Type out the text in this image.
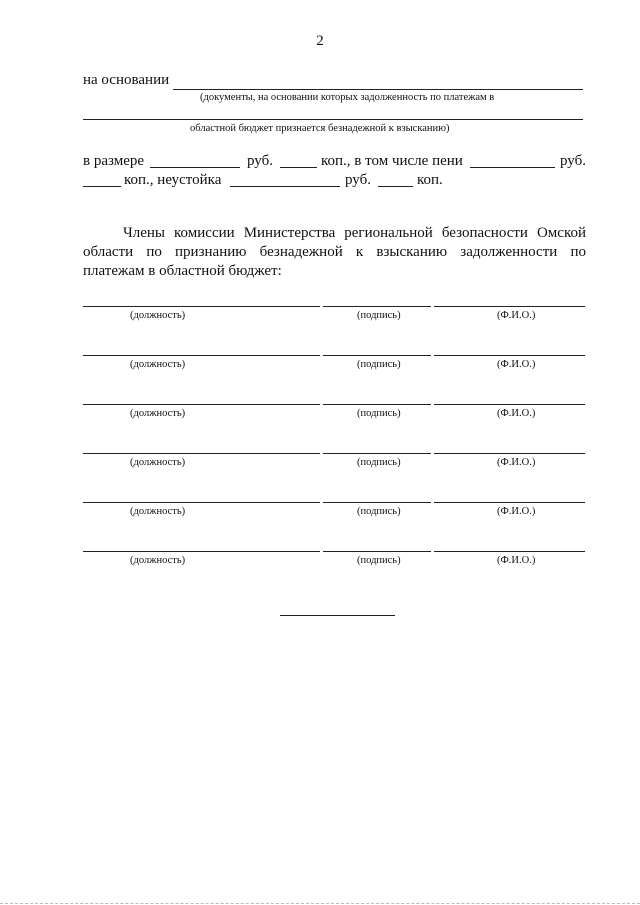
2
на основании
(документы, на основании которых задолженность по платежам в
областной бюджет признается безнадежной к взысканию)
в размере	руб.	коп., в том числе пени	руб.
коп., неустойка	руб.	коп.
Члены комиссии Министерства региональной безопасности Омской
области по признанию безнадежной к взысканию задолженности по
платежам в областной бюджет:
(должность)	(подпись)	(Ф.И.О.)
(должность)	(подпись)	(Ф.И.О.)
(должность)	(подпись)	(Ф.И.О.)
(должность)	(подпись)	(Ф.И.О.)
(должность)	(подпись)	(Ф.И.О.)
(должность)	(подпись)	(Ф.И.О.)
